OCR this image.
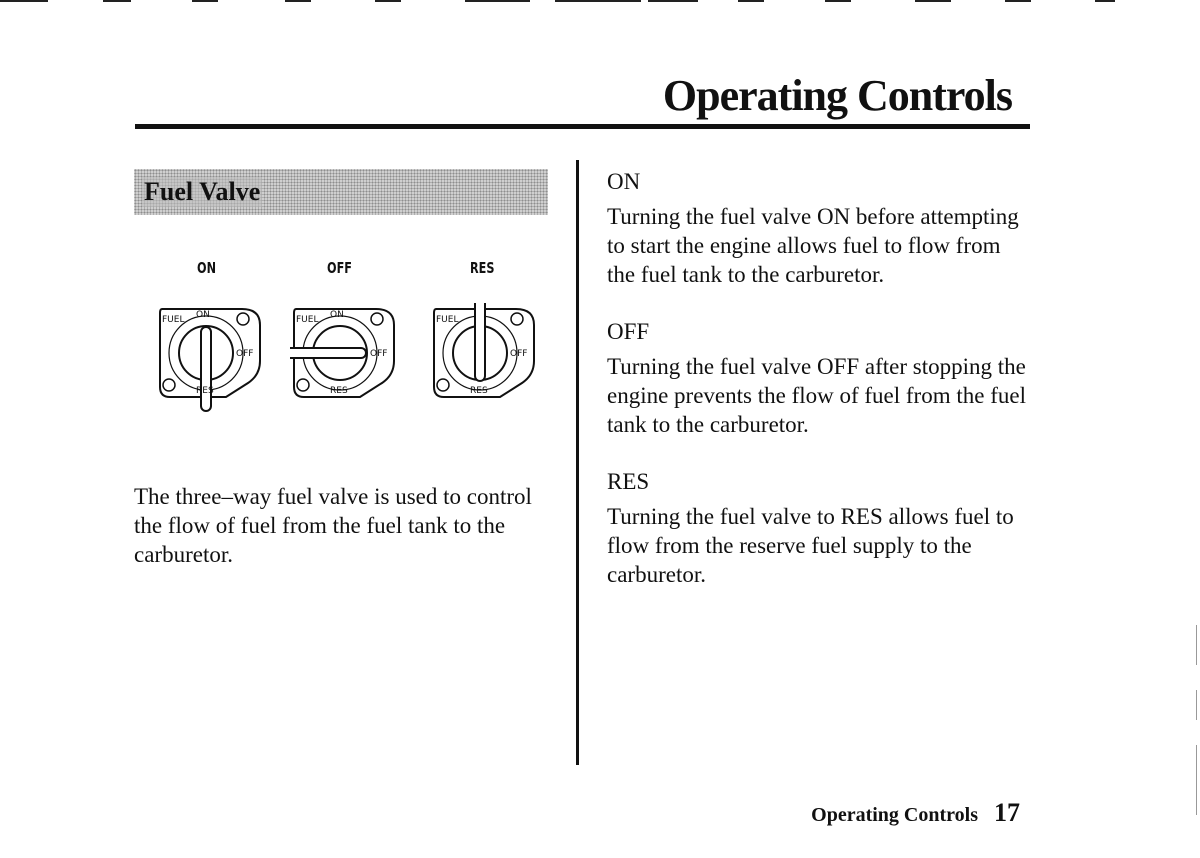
Operating Controls
Fuel Valve
ON	OFF	RES
FUEL ON
OFF
RES
FUEL ON
OFF
RES
FUEL
OFF
RES

The three–way fuel valve is used to control the flow of fuel from the fuel tank to the carburetor.

ON

Turning the fuel valve ON before attempting to start the engine allows fuel to flow from the fuel tank to the carburetor.

OFF

Turning the fuel valve OFF after stopping the engine prevents the flow of fuel from the fuel tank to the carburetor.

RES

Turning the fuel valve to RES allows fuel to flow from the reserve fuel supply to the carburetor.

Operating Controls 17
